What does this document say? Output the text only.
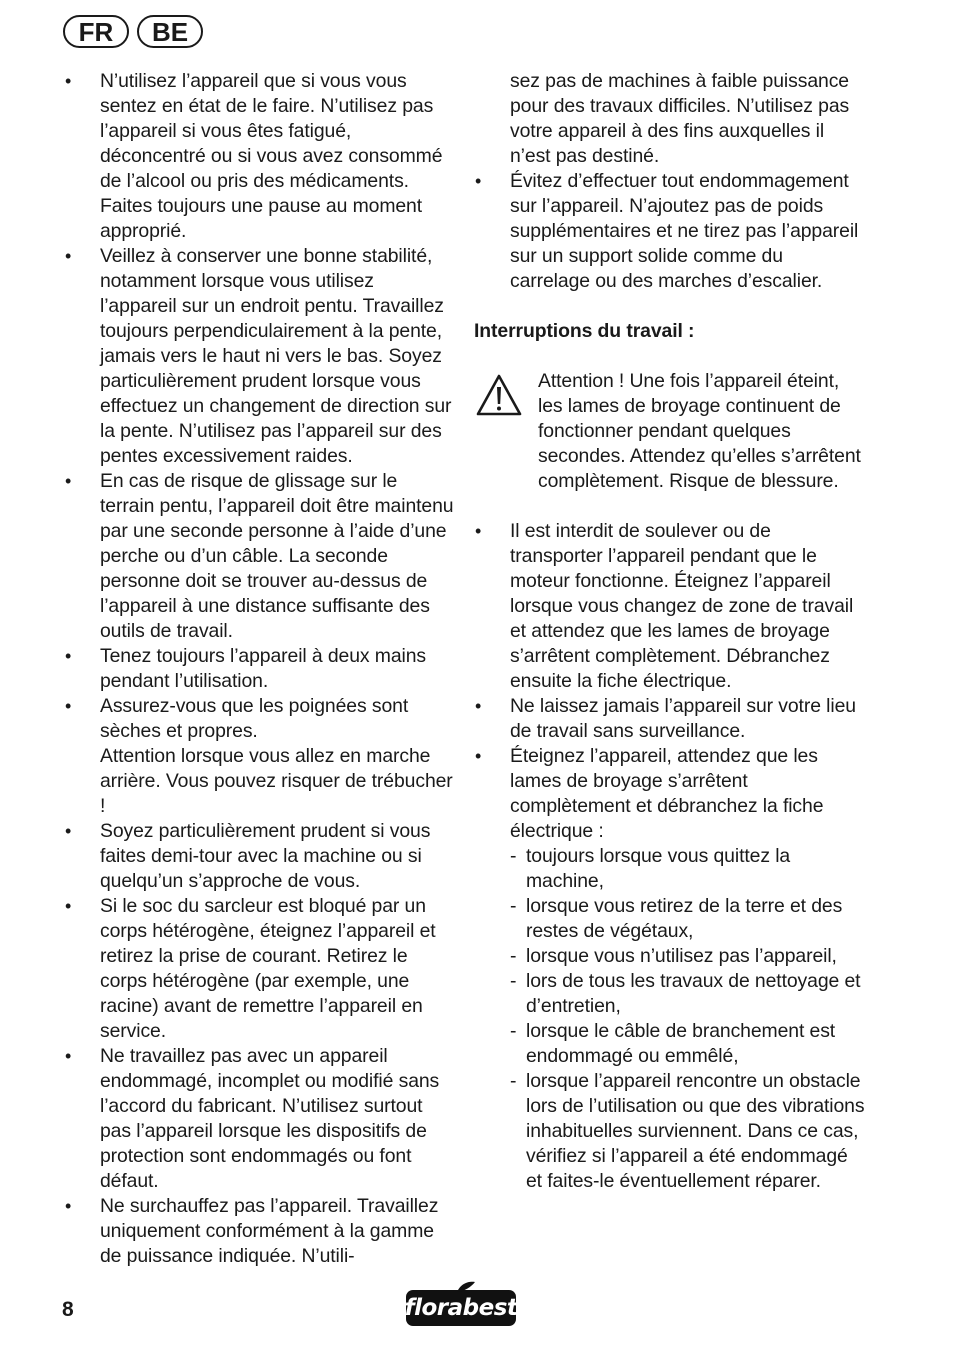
FR	BE
• N’utilisez l’appareil que si vous vous sentez en état de le faire. N’utilisez pas l’appareil si vous êtes fatigué, déconcentré ou si vous avez consommé de l’alcool ou pris des médicaments. Faites toujours une pause au moment approprié.
• Veillez à conserver une bonne stabilité, notamment lorsque vous utilisez l’appareil sur un endroit pentu. Travaillez toujours perpendiculairement à la pente, jamais vers le haut ni vers le bas. Soyez particulièrement prudent lorsque vous effectuez un changement de direction sur la pente. N’utilisez pas l’appareil sur des pentes excessivement raides.
• En cas de risque de glissage sur le terrain pentu, l’appareil doit être maintenu par une seconde personne à l’aide d’une perche ou d’un câble. La seconde personne doit se trouver au-dessus de l’appareil à une distance suffisante des outils de travail.
• Tenez toujours l’appareil à deux mains pendant l’utilisation.
• Assurez-vous que les poignées sont sèches et propres.
Attention lorsque vous allez en marche arrière. Vous pouvez risquer de trébucher !
• Soyez particulièrement prudent si vous faites demi-tour avec la machine ou si quelqu’un s’approche de vous.
• Si le soc du sarcleur est bloqué par un corps hétérogène, éteignez l’appareil et retirez la prise de courant. Retirez le corps hétérogène (par exemple, une racine) avant de remettre l’appareil en service.
• Ne travaillez pas avec un appareil endommagé, incomplet ou modifié sans l’accord du fabricant. N’utilisez surtout pas l’appareil lorsque les dispositifs de protection sont endommagés ou font défaut.
• Ne surchauffez pas l’appareil. Travaillez uniquement conformément à la gamme de puissance indiquée. N’utili-
sez pas de machines à faible puissance pour des travaux difficiles. N’utilisez pas votre appareil à des fins auxquelles il n’est pas destiné.
• Évitez d’effectuer tout endommagement sur l’appareil. N’ajoutez pas de poids supplémentaires et ne tirez pas l’appareil sur un support solide comme du carrelage ou des marches d’escalier.
Interruptions du travail :
Attention ! Une fois l’appareil éteint, les lames de broyage continuent de fonctionner pendant quelques secondes. Attendez qu’elles s’arrêtent complètement. Risque de blessure.
• Il est interdit de soulever ou de transporter l’appareil pendant que le moteur fonctionne. Éteignez l’appareil lorsque vous changez de zone de travail et attendez que les lames de broyage s’arrêtent complètement. Débranchez ensuite la fiche électrique.
• Ne laissez jamais l’appareil sur votre lieu de travail sans surveillance.
• Éteignez l’appareil, attendez que les lames de broyage s’arrêtent complètement et débranchez la fiche électrique :
- toujours lorsque vous quittez la machine,
- lorsque vous retirez de la terre et des restes de végétaux,
- lorsque vous n’utilisez pas l’appareil,
- lors de tous les travaux de nettoyage et d’entretien,
- lorsque le câble de branchement est endommagé ou emmêlé,
- lorsque l’appareil rencontre un obstacle lors de l’utilisation ou que des vibrations inhabituelles surviennent. Dans ce cas, vérifiez si l’appareil a été endommagé et faites-le éventuellement réparer.
8	florabest
